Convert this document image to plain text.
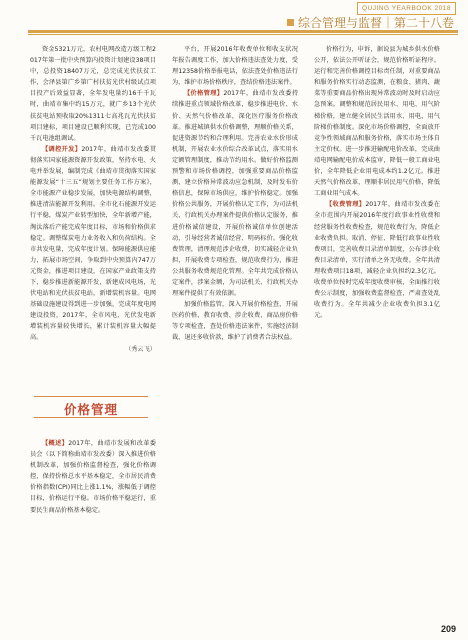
QUJING YEARBOOK 2018
综合管理与监督｜第二十八卷

资金5321万元，农村电网改造万级工程2017年第一批中央预算内投资计划建设38项目中，总投资18407万元，总完成光伏扶贫工作，会泽县第广乡第广村扶贫光伏村级试点项目投产后效益显著，全年发电量约16千千瓦时，曲靖市集中约15万元，就广乡13个光伏扶贫电站预收取20%1311七高兆瓦光伏扶贫项目建标，项目建设已顺利实现，已完成100千瓦电池组调试。

【调控开发】2017年，曲靖市发改委贯彻落实国家能源资源开发政策，坚持水电、火电并举发展，编制完成《曲靖市贯彻落实国家能源发展“十三五”规划主要任务工作方案》，全市能源产业稳步发展，加快电源结构调整，推进清洁能源开发利用。全市化石能源开发运行平稳，煤炭产业转型加快，全年新增产能，淘汰落后产能完成年度目标，市场和价格供求稳定。调整煤炭电力业务收入和负荷结构。全市共发电量，完成年度计划。保障能源供应能力，拓展市场空间，争取到中央预算内747万元资金，推进项目建设，在国家产业政策支持下，稳步推进新能源开发，新建成风电场，光伏电站和光伏扶贫电站，新增装机容量。电网基础设施建设得到进一步加强，完成年度电网建设投资，2017年，全市风电、光伏发电新增装机容量较快增长，累计装机容量大幅提高。

（秀云飞）
价格管理

【概述】2017年，曲靖市发展和改革委员会（以下简称曲靖市发改委）深入推进价格机制改革，加强价格监督检查，强化价格调控，保持价格总水平基本稳定，全市居民消费价格指数(CPI)同比上涨1.1%，涨幅低于调控目标，价格运行平稳。市场价格平稳运行，重要民生商品价格基本稳定。

平台，开展2016年收费单位和收支状况年报告调度工作，加大价格违法查处力度，受理12358价格举报电话，依法查处价格违法行为，维护市场价格秩序，查结价格违法案件。

【价格管理】2017年，曲靖市发改委持续推进重点领域价格改革，稳步推进电价、水价、天然气价格改革，深化医疗服务价格改革。推进城镇供水价格调整，理顺价格关系，促进资源节约和合理利用。完善农业水价形成机制，开展农业水价综合改革试点，落实用水定额管理制度，推动节约用水。做好价格监测预警和市场价格调控，加强重要商品价格监测，建立价格异常波动应急机制，及时发布价格信息，保障市场供应，维护价格稳定。加强价格公共服务，开展价格认定工作，为司法机关、行政机关办理案件提供价格认定服务，推进价格诚信建设，开展价格诚信单位创建活动，引导经营者诚信经营、明码标价。强化收费管理，清理规范涉企收费，切实减轻企业负担，开展收费专项检查，规范收费行为，推进公共服务收费规范化管理。全年共完成价格认定案件，涉案金额，为司法机关、行政机关办理案件提供了有效依据。

加强价格监管，深入开展价格检查，开展医药价格、教育收费、涉企收费、商品房价格等专项检查，查处价格违法案件，实施经济制裁，退还多收价款，维护了消费者合法权益。

价格行为，申诉，据说县为城乡供水价格公开，依法公开听证会，规范价格听证程序。运行和完善价格调控目标责任制，对重要商品和服务价格实行动态监测，在粮食、猪肉、蔬菜等重要商品价格出现异常波动时及时启动应急预案。调整和规范居民用水、用电、用气阶梯价格，建立健全居民生活用水、用电、用气阶梯价格制度。深化市场价格调控，全面放开竞争性领域商品和服务价格，落实市场主体自主定价权。进一步推进输配电价改革，完成曲靖电网输配电价成本监审，降低一般工商业电价，全年降低企业用电成本约1.2亿元。推进天然气价格改革，理顺非居民用气价格，降低工商业用气成本。

【收费管理】2017年，曲靖市发改委在全市范围内开展2016年度行政事业性收费和经营服务性收费检查，规范收费行为，降低企业收费负担。取消、停征、降低行政事业性收费项目，完善收费目录清单制度，公布涉企收费目录清单，实行清单之外无收费。全年共清理收费项目18项，减轻企业负担约2.3亿元。收费单位按时完成年度收费审核，全面推行收费公示制度，加强收费监督检查，严肃查处乱收费行为。全年共减少企业收费负担3.1亿元。

209
